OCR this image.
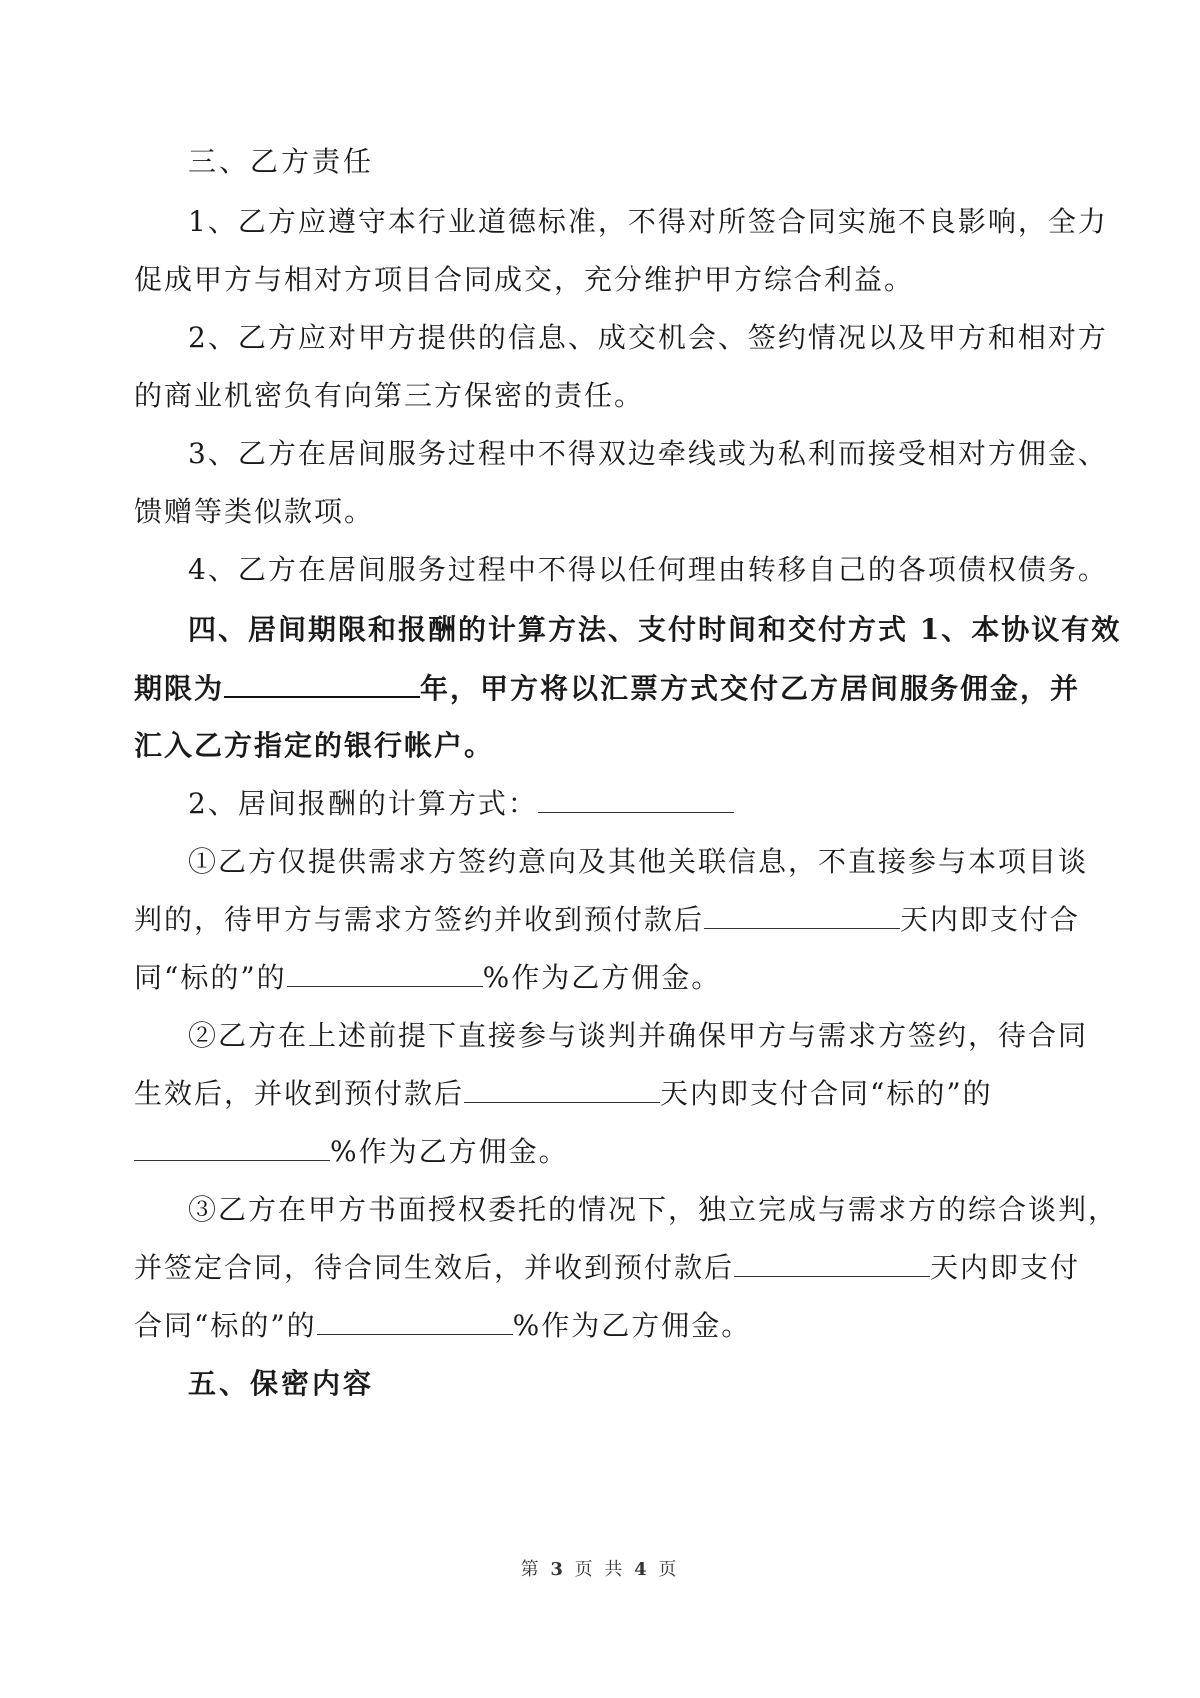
三、乙方责任
1、乙方应遵守本行业道德标准，不得对所签合同实施不良影响，全力
促成甲方与相对方项目合同成交，充分维护甲方综合利益。
2、乙方应对甲方提供的信息、成交机会、签约情况以及甲方和相对方
的商业机密负有向第三方保密的责任。
3、乙方在居间服务过程中不得双边牵线或为私利而接受相对方佣金、
馈赠等类似款项。
4、乙方在居间服务过程中不得以任何理由转移自己的各项债权债务。
四、居间期限和报酬的计算方法、支付时间和交付方式 1、本协议有效
期限为	年，甲方将以汇票方式交付乙方居间服务佣金，并
汇入乙方指定的银行帐户。
2、居间报酬的计算方式：
①乙方仅提供需求方签约意向及其他关联信息，不直接参与本项目谈
判的，待甲方与需求方签约并收到预付款后	天内即支付合
同“标的”的	%作为乙方佣金。
②乙方在上述前提下直接参与谈判并确保甲方与需求方签约，待合同
生效后，并收到预付款后	天内即支付合同“标的”的
%作为乙方佣金。
③乙方在甲方书面授权委托的情况下，独立完成与需求方的综合谈判，
并签定合同，待合同生效后，并收到预付款后	天内即支付
合同“标的”的	%作为乙方佣金。
五、保密内容
第 3 页 共 4 页
